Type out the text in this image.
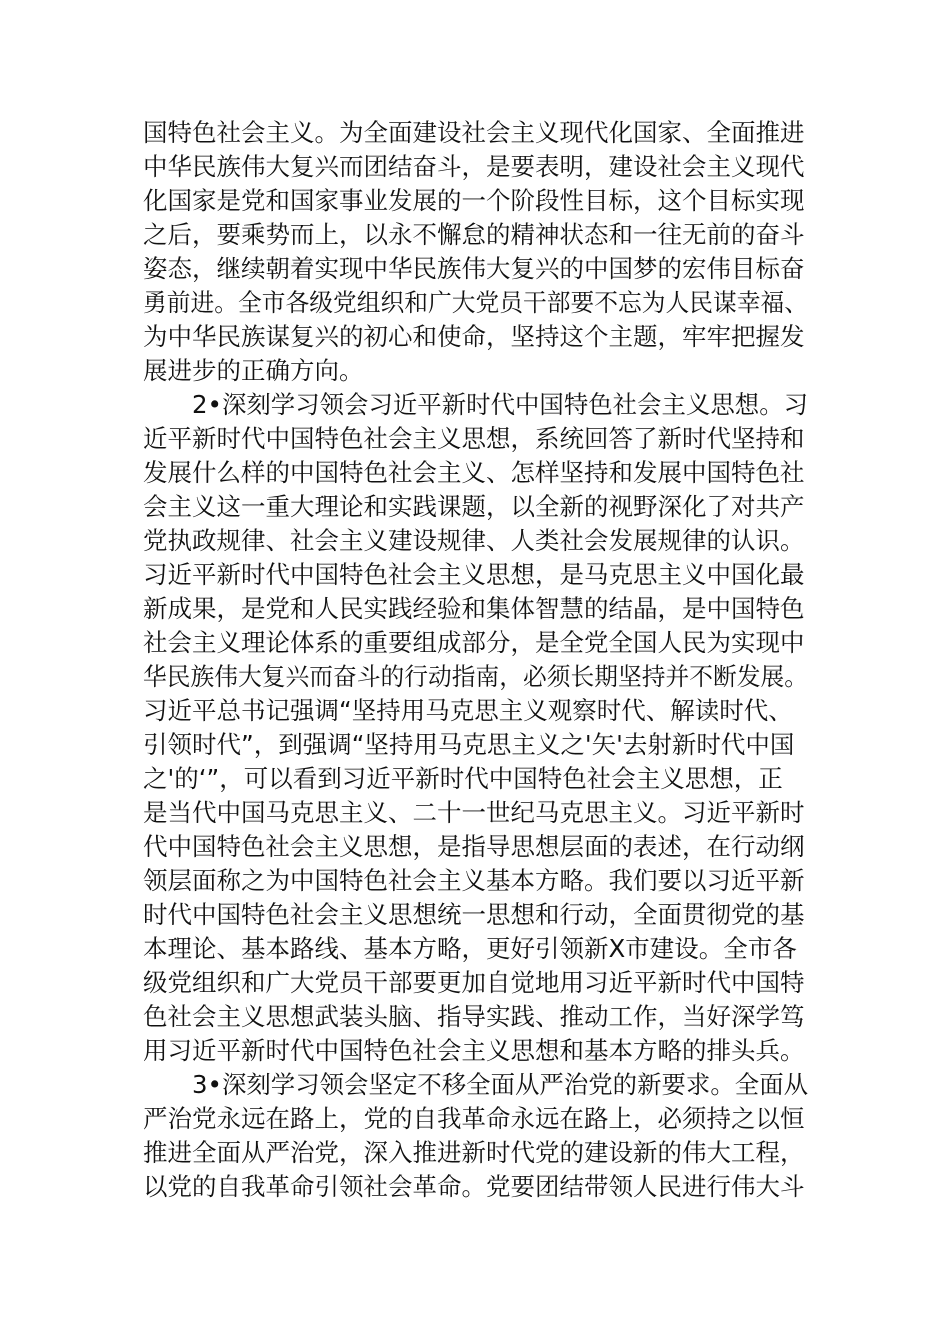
国特色社会主义。为全面建设社会主义现代化国家、全面推进
中华民族伟大复兴而团结奋斗，是要表明，建设社会主义现代
化国家是党和国家事业发展的一个阶段性目标，这个目标实现
之后，要乘势而上，以永不懈怠的精神状态和一往无前的奋斗
姿态，继续朝着实现中华民族伟大复兴的中国梦的宏伟目标奋
勇前进。全市各级党组织和广大党员干部要不忘为人民谋幸福、
为中华民族谋复兴的初心和使命，坚持这个主题，牢牢把握发
展进步的正确方向。
2•深刻学习领会习近平新时代中国特色社会主义思想。习
近平新时代中国特色社会主义思想，系统回答了新时代坚持和
发展什么样的中国特色社会主义、怎样坚持和发展中国特色社
会主义这一重大理论和实践课题，以全新的视野深化了对共产
党执政规律、社会主义建设规律、人类社会发展规律的认识。
习近平新时代中国特色社会主义思想，是马克思主义中国化最
新成果，是党和人民实践经验和集体智慧的结晶，是中国特色
社会主义理论体系的重要组成部分，是全党全国人民为实现中
华民族伟大复兴而奋斗的行动指南，必须长期坚持并不断发展。
习近平总书记强调“坚持用马克思主义观察时代、解读时代、
引领时代”，到强调“坚持用马克思主义之'矢'去射新时代中国
之'的‘”，可以看到习近平新时代中国特色社会主义思想，正
是当代中国马克思主义、二十一世纪马克思主义。习近平新时
代中国特色社会主义思想，是指导思想层面的表述，在行动纲
领层面称之为中国特色社会主义基本方略。我们要以习近平新
时代中国特色社会主义思想统一思想和行动，全面贯彻党的基
本理论、基本路线、基本方略，更好引领新X市建设。全市各
级党组织和广大党员干部要更加自觉地用习近平新时代中国特
色社会主义思想武装头脑、指导实践、推动工作，当好深学笃
用习近平新时代中国特色社会主义思想和基本方略的排头兵。
3•深刻学习领会坚定不移全面从严治党的新要求。全面从
严治党永远在路上，党的自我革命永远在路上，必须持之以恒
推进全面从严治党，深入推进新时代党的建设新的伟大工程，
以党的自我革命引领社会革命。党要团结带领人民进行伟大斗
